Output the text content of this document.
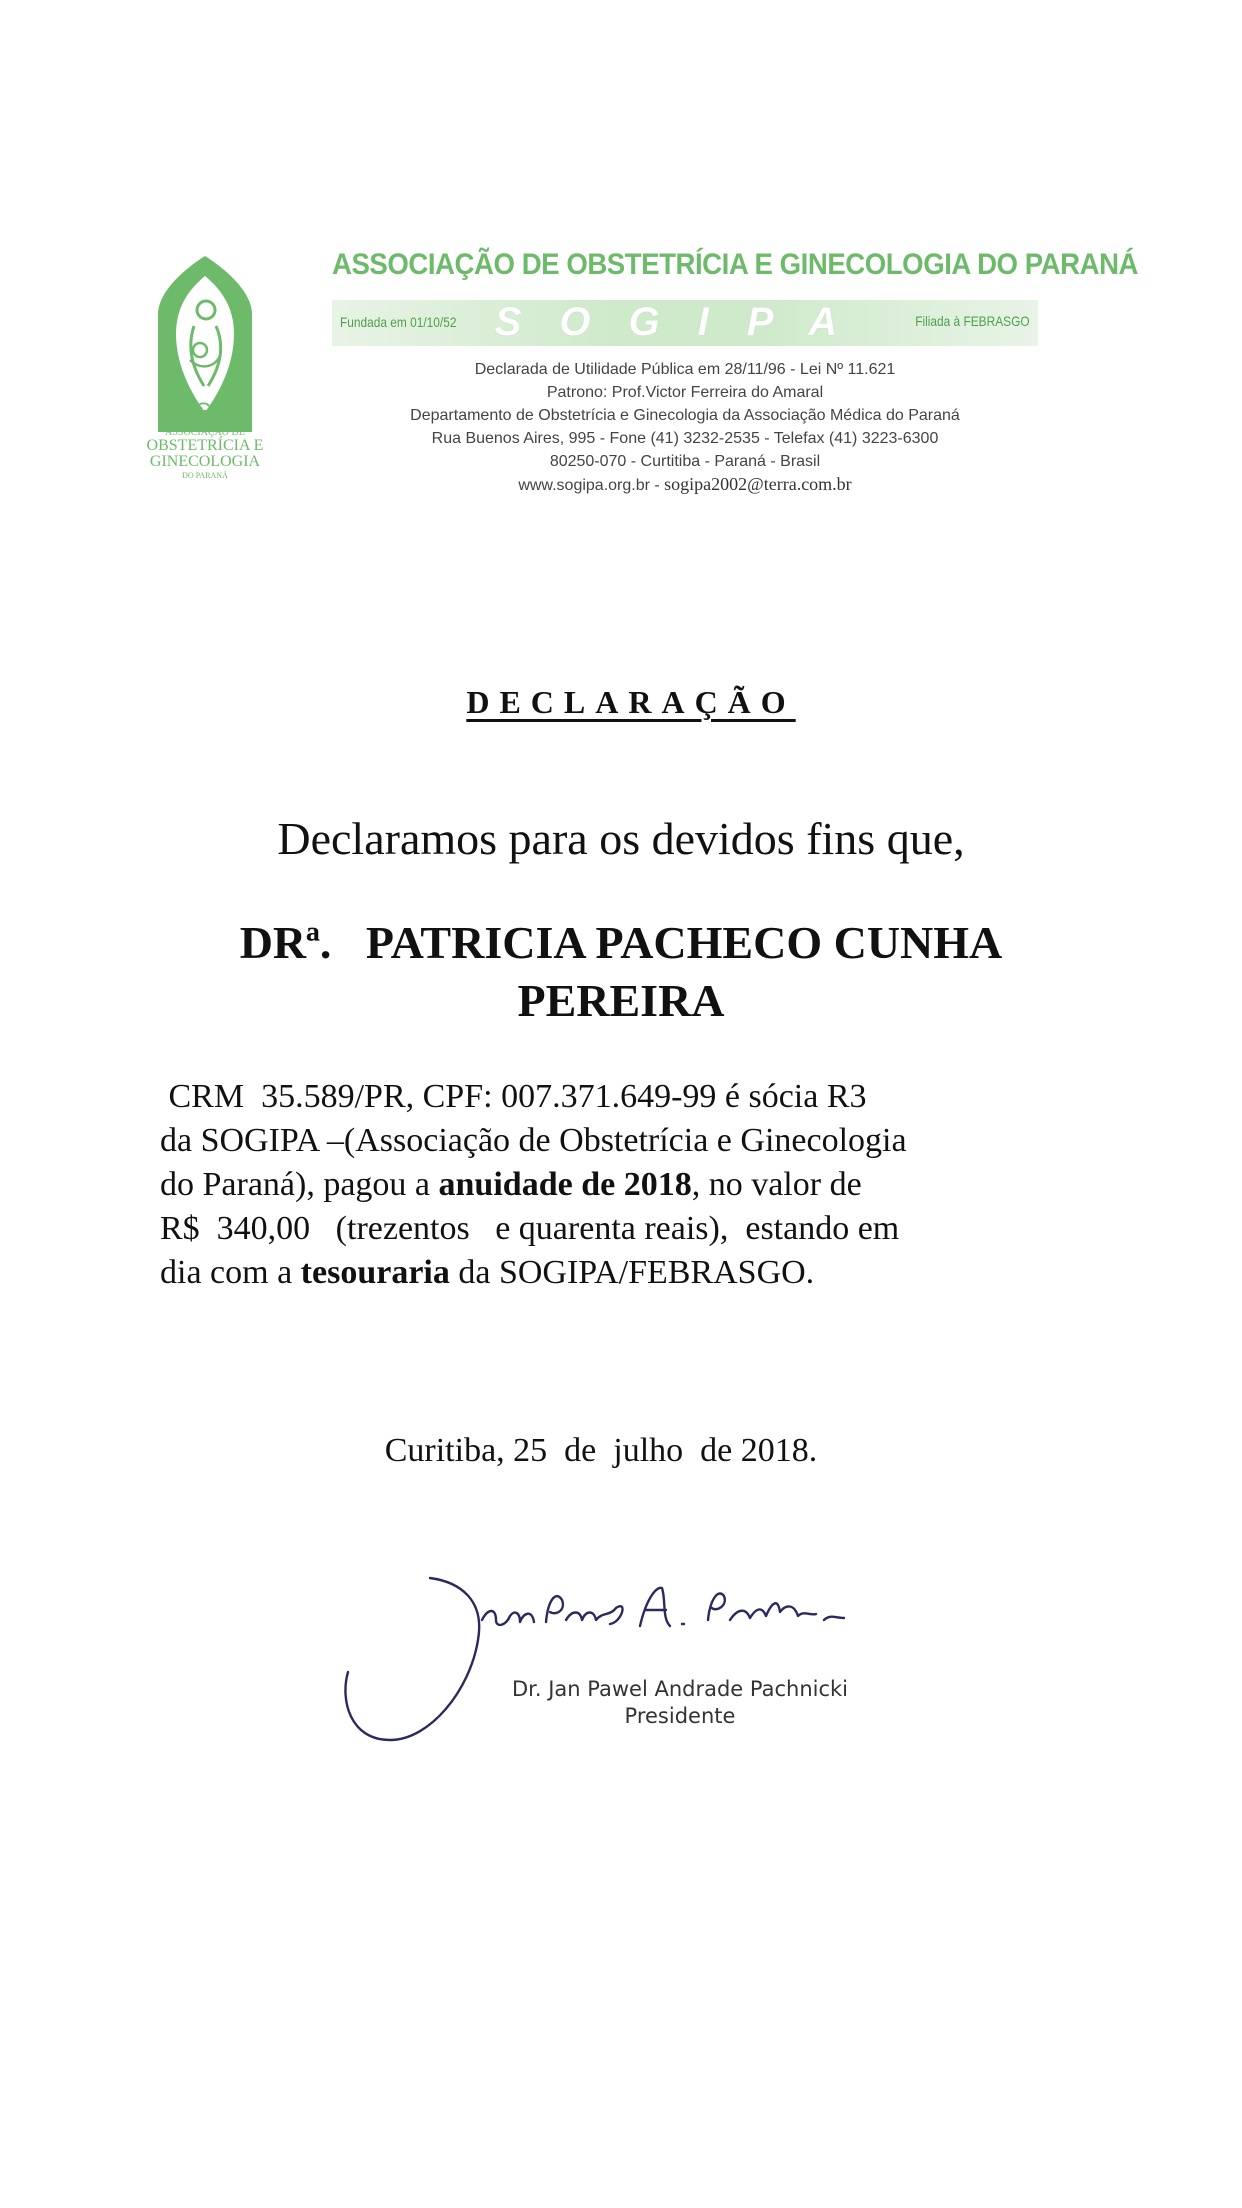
SOGIPA
ASSOCIAÇÃO DE
OBSTETRÍCIA E
GINECOLOGIA
DO PARANÁ
ASSOCIAÇÃO DE OBSTETRÍCIA E GINECOLOGIA DO PARANÁ
Fundada em 01/10/52 SOGIPA	Filiada à FEBRASGO
Declarada de Utilidade Pública em 28/11/96 - Lei Nº 11.621
Patrono: Prof.Victor Ferreira do Amaral
Departamento de Obstetrícia e Ginecologia da Associação Médica do Paraná
Rua Buenos Aires, 995 - Fone (41) 3232-2535 - Telefax (41) 3223-6300
80250-070 - Curtitiba - Paraná - Brasil
www.sogipa.org.br - sogipa2002@terra.com.br
DECLARAÇÃO
Declaramos para os devidos fins que,
DRª.   PATRICIA PACHECO CUNHA
PEREIRA
CRM  35.589/PR, CPF: 007.371.649-99 é sócia R3
da SOGIPA –(Associação de Obstetrícia e Ginecologia
do Paraná), pagou a anuidade de 2018, no valor de
R$  340,00   (trezentos   e quarenta reais),  estando em
dia com a tesouraria da SOGIPA/FEBRASGO.
Curitiba, 25  de  julho  de 2018.
Dr. Jan Pawel Andrade Pachnicki
Presidente
